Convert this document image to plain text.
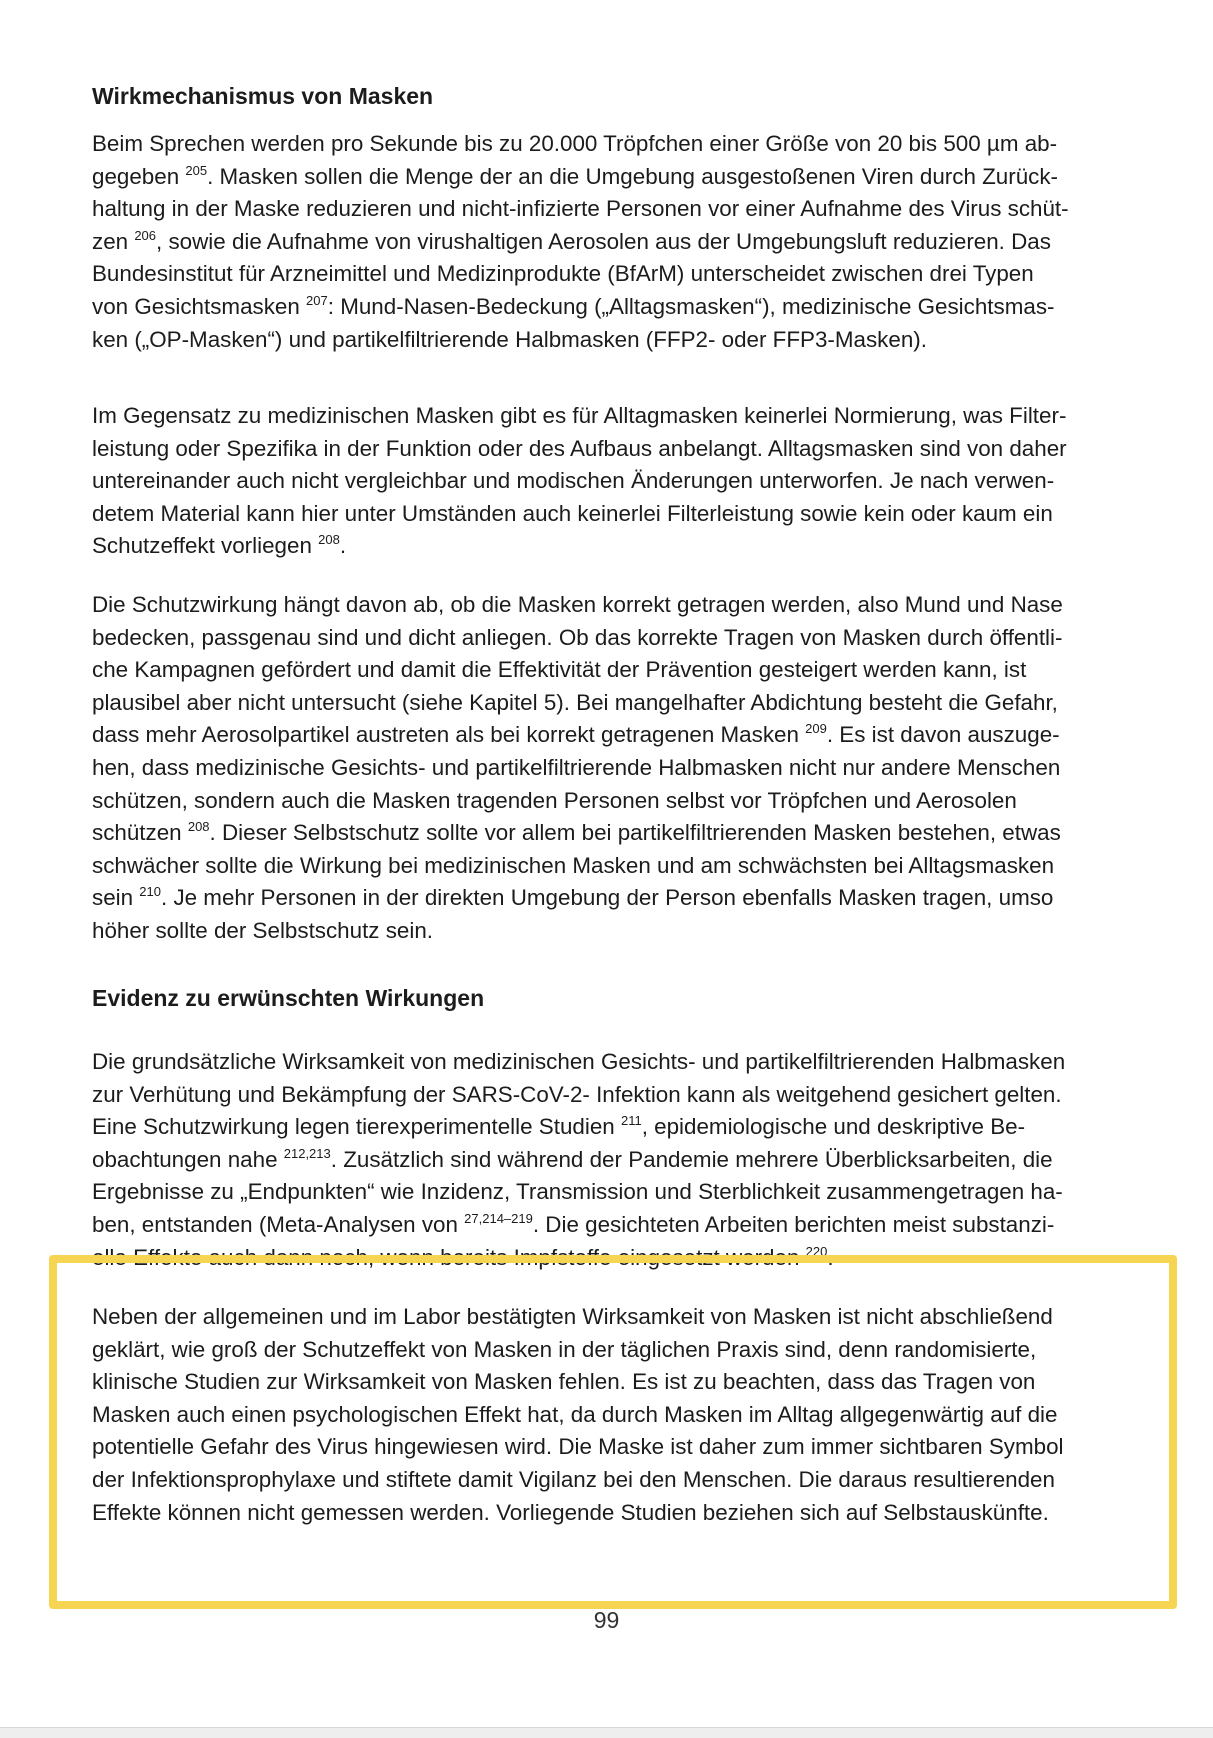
Wirkmechanismus von Masken
Beim Sprechen werden pro Sekunde bis zu 20.000 Tröpfchen einer Größe von 20 bis 500 µm ab-
gegeben $^{205}$. Masken sollen die Menge der an die Umgebung ausgestoßenen Viren durch Zurück-
haltung in der Maske reduzieren und nicht-infizierte Personen vor einer Aufnahme des Virus schüt-
zen $^{206}$, sowie die Aufnahme von virushaltigen Aerosolen aus der Umgebungsluft reduzieren. Das
Bundesinstitut für Arzneimittel und Medizinprodukte (BfArM) unterscheidet zwischen drei Typen
von Gesichtsmasken $^{207}$: Mund-Nasen-Bedeckung („Alltagsmasken“), medizinische Gesichtsmas-
ken („OP-Masken“) und partikelfiltrierende Halbmasken (FFP2- oder FFP3-Masken).
Im Gegensatz zu medizinischen Masken gibt es für Alltagmasken keinerlei Normierung, was Filter-
leistung oder Spezifika in der Funktion oder des Aufbaus anbelangt. Alltagsmasken sind von daher
untereinander auch nicht vergleichbar und modischen Änderungen unterworfen. Je nach verwen-
detem Material kann hier unter Umständen auch keinerlei Filterleistung sowie kein oder kaum ein
Schutzeffekt vorliegen $^{208}$.
Die Schutzwirkung hängt davon ab, ob die Masken korrekt getragen werden, also Mund und Nase
bedecken, passgenau sind und dicht anliegen. Ob das korrekte Tragen von Masken durch öffentli-
che Kampagnen gefördert und damit die Effektivität der Prävention gesteigert werden kann, ist
plausibel aber nicht untersucht (siehe Kapitel 5). Bei mangelhafter Abdichtung besteht die Gefahr,
dass mehr Aerosolpartikel austreten als bei korrekt getragenen Masken $^{209}$. Es ist davon auszuge-
hen, dass medizinische Gesichts- und partikelfiltrierende Halbmasken nicht nur andere Menschen
schützen, sondern auch die Masken tragenden Personen selbst vor Tröpfchen und Aerosolen
schützen $^{208}$. Dieser Selbstschutz sollte vor allem bei partikelfiltrierenden Masken bestehen, etwas
schwächer sollte die Wirkung bei medizinischen Masken und am schwächsten bei Alltagsmasken
sein $^{210}$. Je mehr Personen in der direkten Umgebung der Person ebenfalls Masken tragen, umso
höher sollte der Selbstschutz sein.
Evidenz zu erwünschten Wirkungen
Die grundsätzliche Wirksamkeit von medizinischen Gesichts- und partikelfiltrierenden Halbmasken
zur Verhütung und Bekämpfung der SARS-CoV-2- Infektion kann als weitgehend gesichert gelten.
Eine Schutzwirkung legen tierexperimentelle Studien $^{211}$, epidemiologische und deskriptive Be-
obachtungen nahe $^{212,213}$. Zusätzlich sind während der Pandemie mehrere Überblicksarbeiten, die
Ergebnisse zu „Endpunkten“ wie Inzidenz, Transmission und Sterblichkeit zusammengetragen ha-
ben, entstanden (Meta-Analysen von $^{27,214-219}$. Die gesichteten Arbeiten berichten meist substanzi-
elle Effekte auch dann noch, wenn bereits Impfstoffe eingesetzt werden $^{220}$.
Neben der allgemeinen und im Labor bestätigten Wirksamkeit von Masken ist nicht abschließend
geklärt, wie groß der Schutzeffekt von Masken in der täglichen Praxis sind, denn randomisierte,
klinische Studien zur Wirksamkeit von Masken fehlen. Es ist zu beachten, dass das Tragen von
Masken auch einen psychologischen Effekt hat, da durch Masken im Alltag allgegenwärtig auf die
potentielle Gefahr des Virus hingewiesen wird. Die Maske ist daher zum immer sichtbaren Symbol
der Infektionsprophylaxe und stiftete damit Vigilanz bei den Menschen. Die daraus resultierenden
Effekte können nicht gemessen werden. Vorliegende Studien beziehen sich auf Selbstauskünfte.
99
